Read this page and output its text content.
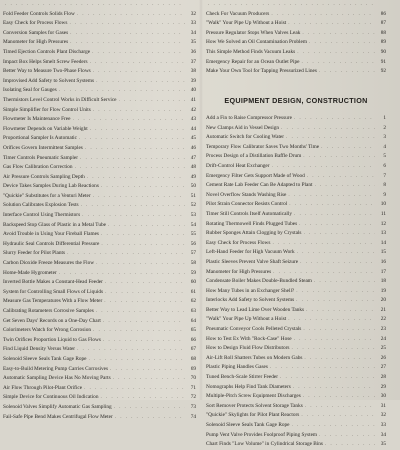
. . .
Fold Feeder Controls Solids Flow . . .	32
Easy Check for Process Flows . . .	33
Conversion Samples for Gases . . .	34
Manometer for High Pressures . . .	35
Timed Ejection Controls Plant Discharge . . .	36
Impact Box Helps Smelt Screw Feeders . . .	37
Better Way to Measure Two-Phase Flows . . .	38
Improvised Add Safety to Solvent Systems . . .	39
Isolating Seal for Gauges . . .	40
Thermistors Level Control Works in Difficult Service . . .	41
Simple Simplifier for Flow Control Units . . .	42
Flowmeter Is Maintenance Free . . .	43
Flowmeter Depends on Variable Weight . . .	44
Proportional Sampler Is Automatic . . .	45
Orifices Govern Intermittent Samples . . .	46
Timer Controls Pneumatic Sampler . . .	47
Gas Flow Calibration Correction . . .	48
Air Pressure Controls Sampling Depth . . .	49
Device Takes Samples During Lab Reactions . . .	50
"Quickie" Substitutes for a Venturi Meter . . .	51
Solution Calibrates Explosion Tests . . .	52
Interface Control Using Thermistors . . .	53
Backspeed Stop Glass of Plastic in a Metal Tube . . .	54
Avoid Trouble in Using Your Fireball Flames . . .	55
Hydraulic Seal Controls Differential Pressure . . .	56
Slurry Feeder for Pilot Plants . . .	57
Carbon Dioxide Freeze Measures the Flow . . .	58
Home-Made Hygrometer . . .	59
Inverted Bottle Makes a Constant-Head Feeder . . .	60
System for Controlling Small Flows of Liquids . . .	61
Measure Gas Temperatures With a Flow Meter . . .	62
Calibrating Rotameters Corrosive Samples . . .	63
Get Seven Days' Records on a One-Day Chart . . .	64
Colorimeters Watch for Wrong Corrosion . . .	65
Twin Orifices Proportion Liquid to Gas Flows . . .	66
Find Liquid Density Versus Water . . .	67
Solenoid Sleeve Seals Tank Gage Rope . . .	68
Easy-to-Build Metering Pump Carries Corrosives . . .	69
Automatic Sampling Device Has No Moving Parts . . .	70
Air Flow Through Pilot-Plant Orifice . . .	71
Simple Device for Continuous Oil Indication . . .	72
Solenoid Valves Simplify Automatic Gas Sampling . . .	73
Fail-Safe Pipe Bend Makes Centrifugal Flow Meter . . .	74
. . .
Check For Vacuum Producers . . .	86
"Walk" Your Pipe Up Without a Hoist . . .	87
Pressure Regulator Stops When Valves Leak . . .	88
How We Solved an Oil Contamination Problem . . .	89
This Simple Method Finds Vacuum Leaks . . .	90
Emergency Repair for an Ocean Outlet Pipe . . .	91
Make Your Own Tool for Tapping Pressurized Lines . . .	92
EQUIPMENT DESIGN, CONSTRUCTION
Add a Fin to Raise Compressor Pressure . . .	1
New Clamps Aid in Vessel Design . . .	2
Automatic Switch for Cooling Water . . .	3
Temporary Flow Calibrator Saves Two Months' Time . . .	4
Process Design of a Distillation Baffle Drum . . .	5
Drift-Control Heat Exchanger . . .	6
Emergency Filter Gets Support Made of Wood . . .	7
Cement Rate Lab Feeder Can Be Adapted to Plant . . .	8
Novel Overflow Stands Washing Rise . . .	9
Pilot Strain Connector Resists Control . . .	10
Timer Still Controls Itself Automatically . . .	11
Rotating Thermowell Finds Plugged Tubes . . .	12
Rubber Sponges Attain Clogging by Crystals . . .	13
Easy Check for Process Flows . . .	14
Left-Hand Feeder for High Vacuum Work . . .	15
Plastic Sleeves Prevent Valve Shaft Seizure . . .	16
Manometer for High Pressures . . .	17
Condensate Boiler Makes Double-Bundled Steam . . .	18
How Many Tubes in an Exchanger Shell? . . .	19
Interlocks Add Safety to Solvent Systems . . .	20
Better Way to Lead Lime Over Wooden Tanks . . .	21
"Walk" Your Pipe Up Without a Hoist . . .	22
Pneumatic Conveyor Cools Pelleted Crystals . . .	23
How to Test Ex With "Rock-Case" Hose . . .	24
How to Design Fluid Flow Distributors . . .	25
Air-Lift Roll Shatters Tubes on Modern Gabs . . .	26
Plastic Piping Handles Gases . . .	27
Tuned Bench-Scale Stirrer Feeder . . .	28
Nomographs Help Find Tank Diameters . . .	29
Multiple-Pitch Screw Equipment Discharges . . .	30
Sort Remover Protects Solvent Storage Tanks . . .	31
"Quickie" Skylights for Pilot Plant Reactors . . .	32
Solenoid Sleeve Seals Tank Gage Rope . . .	33
Pump Vent Valve Provides Foolproof Piping System . . .	34
Chart Finds "Low Volume" in Cylindrical Storage Bins . . .	35
